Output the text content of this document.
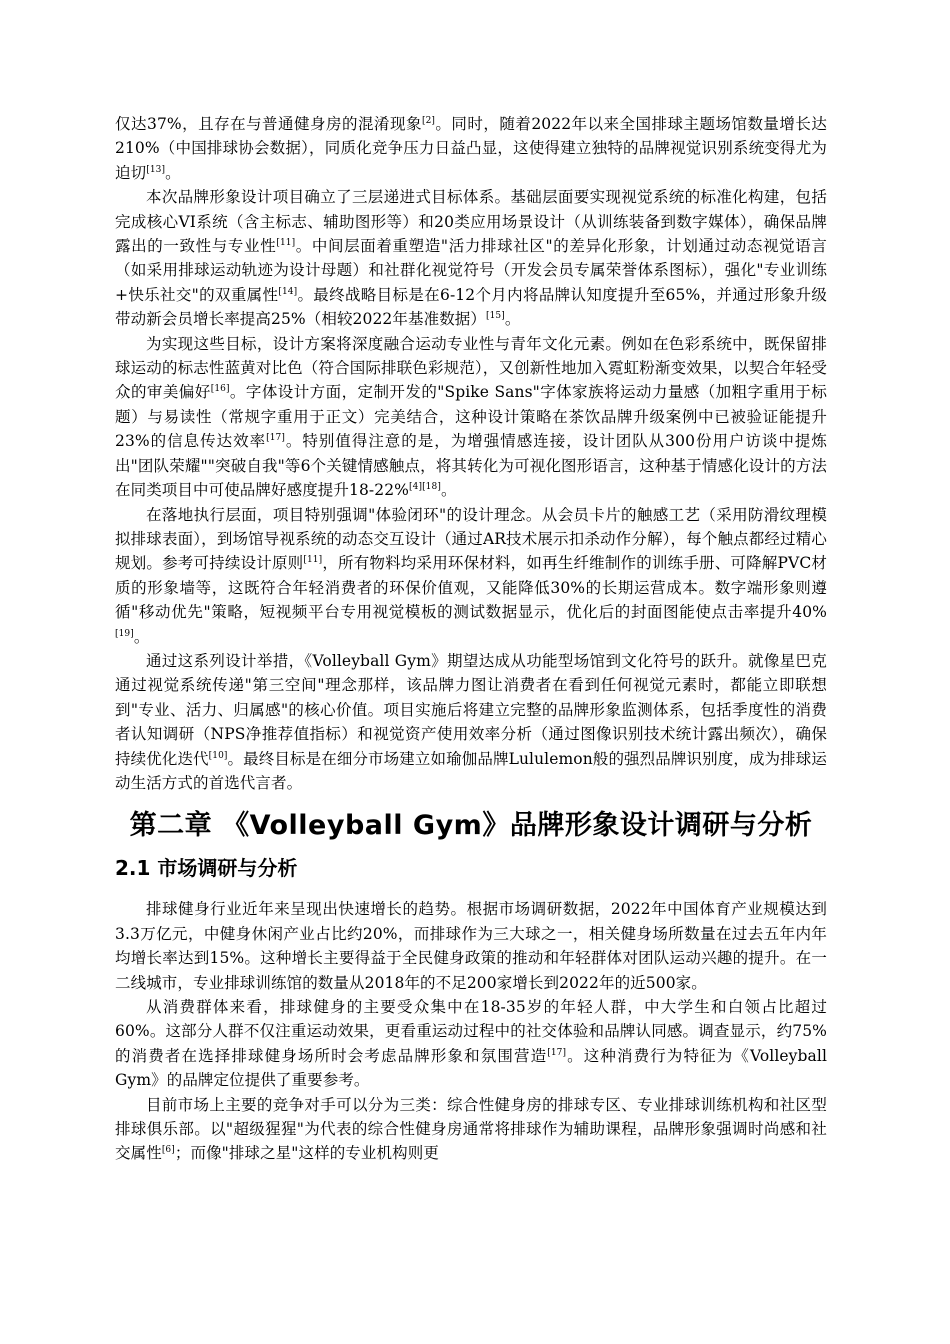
仅达37%，且存在与普通健身房的混淆现象[2]。同时，随着2022年以来全国排球主题场馆数量增长达210%（中国排球协会数据），同质化竞争压力日益凸显，这使得建立独特的品牌视觉识别系统变得尤为迫切[13]。

本次品牌形象设计项目确立了三层递进式目标体系。基础层面要实现视觉系统的标准化构建，包括完成核心VI系统（含主标志、辅助图形等）和20类应用场景设计（从训练装备到数字媒体），确保品牌露出的一致性与专业性[11]。中间层面着重塑造"活力排球社区"的差异化形象，计划通过动态视觉语言（如采用排球运动轨迹为设计母题）和社群化视觉符号（开发会员专属荣誉体系图标），强化"专业训练+快乐社交"的双重属性[14]。最终战略目标是在6-12个月内将品牌认知度提升至65%，并通过形象升级带动新会员增长率提高25%（相较2022年基准数据）[15]。

为实现这些目标，设计方案将深度融合运动专业性与青年文化元素。例如在色彩系统中，既保留排球运动的标志性蓝黄对比色（符合国际排联色彩规范），又创新性地加入霓虹粉渐变效果，以契合年轻受众的审美偏好[16]。字体设计方面，定制开发的"Spike Sans"字体家族将运动力量感（加粗字重用于标题）与易读性（常规字重用于正文）完美结合，这种设计策略在茶饮品牌升级案例中已被验证能提升23%的信息传达效率[17]。特别值得注意的是，为增强情感连接，设计团队从300份用户访谈中提炼出"团队荣耀""突破自我"等6个关键情感触点，将其转化为可视化图形语言，这种基于情感化设计的方法在同类项目中可使品牌好感度提升18-22%[4][18]。

在落地执行层面，项目特别强调"体验闭环"的设计理念。从会员卡片的触感工艺（采用防滑纹理模拟排球表面），到场馆导视系统的动态交互设计（通过AR技术展示扣杀动作分解），每个触点都经过精心规划。参考可持续设计原则[11]，所有物料均采用环保材料，如再生纤维制作的训练手册、可降解PVC材质的形象墙等，这既符合年轻消费者的环保价值观，又能降低30%的长期运营成本。数字端形象则遵循"移动优先"策略，短视频平台专用视觉模板的测试数据显示，优化后的封面图能使点击率提升40%[19]。

通过这系列设计举措，《Volleyball Gym》期望达成从功能型场馆到文化符号的跃升。就像星巴克通过视觉系统传递"第三空间"理念那样，该品牌力图让消费者在看到任何视觉元素时，都能立即联想到"专业、活力、归属感"的核心价值。项目实施后将建立完整的品牌形象监测体系，包括季度性的消费者认知调研（NPS净推荐值指标）和视觉资产使用效率分析（通过图像识别技术统计露出频次），确保持续优化迭代[10]。最终目标是在细分市场建立如瑜伽品牌Lululemon般的强烈品牌识别度，成为排球运动生活方式的首选代言者。

第二章 《Volleyball Gym》品牌形象设计调研与分析
2.1 市场调研与分析

排球健身行业近年来呈现出快速增长的趋势。根据市场调研数据，2022年中国体育产业规模达到3.3万亿元，中健身休闲产业占比约20%，而排球作为三大球之一，相关健身场所数量在过去五年内年均增长率达到15%。这种增长主要得益于全民健身政策的推动和年轻群体对团队运动兴趣的提升。在一二线城市，专业排球训练馆的数量从2018年的不足200家增长到2022年的近500家。

从消费群体来看，排球健身的主要受众集中在18-35岁的年轻人群，中大学生和白领占比超过60%。这部分人群不仅注重运动效果，更看重运动过程中的社交体验和品牌认同感。调查显示，约75%的消费者在选择排球健身场所时会考虑品牌形象和氛围营造[17]。这种消费行为特征为《Volleyball Gym》的品牌定位提供了重要参考。

目前市场上主要的竞争对手可以分为三类：综合性健身房的排球专区、专业排球训练机构和社区型排球俱乐部。以"超级猩猩"为代表的综合性健身房通常将排球作为辅助课程，品牌形象强调时尚感和社交属性[6]；而像"排球之星"这样的专业机构则更
